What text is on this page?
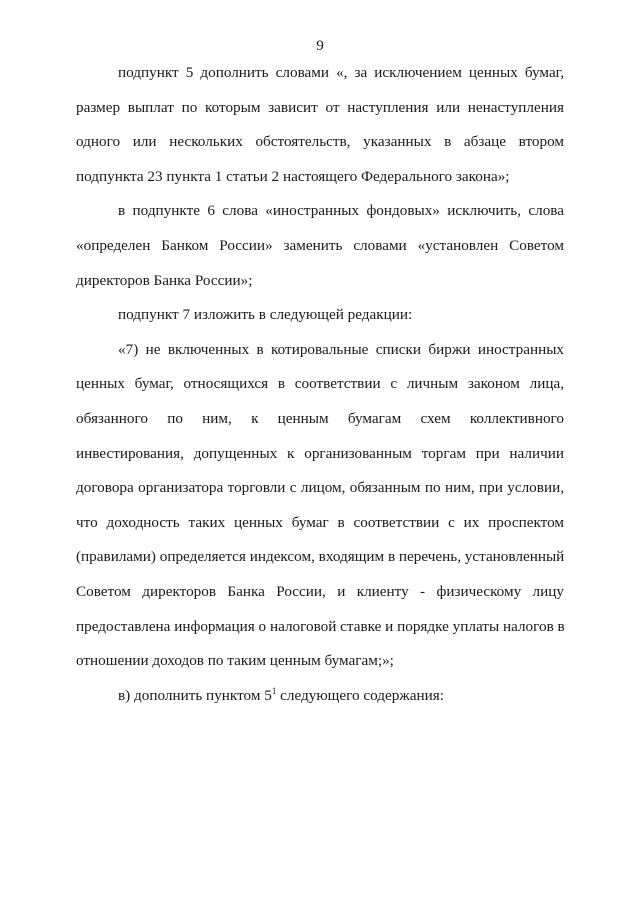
9
подпункт 5 дополнить словами «, за исключением ценных бумаг,
размер выплат по которым зависит от наступления или ненаступления
одного или нескольких обстоятельств, указанных в абзаце втором
подпункта 23 пункта 1 статьи 2 настоящего Федерального закона»;
в подпункте 6 слова «иностранных фондовых» исключить, слова
«определен Банком России» заменить словами «установлен Советом
директоров Банка России»;
подпункт 7 изложить в следующей редакции:
«7) не включенных в котировальные списки биржи иностранных
ценных бумаг, относящихся в соответствии с личным законом лица,
обязанного по ним, к ценным бумагам схем коллективного
инвестирования, допущенных к организованным торгам при наличии
договора организатора торговли с лицом, обязанным по ним, при условии,
что доходность таких ценных бумаг в соответствии с их проспектом
(правилами) определяется индексом, входящим в перечень, установленный
Советом директоров Банка России, и клиенту - физическому лицу
предоставлена информация о налоговой ставке и порядке уплаты налогов в
отношении доходов по таким ценным бумагам;»;
в) дополнить пунктом $5^1$ следующего содержания:
